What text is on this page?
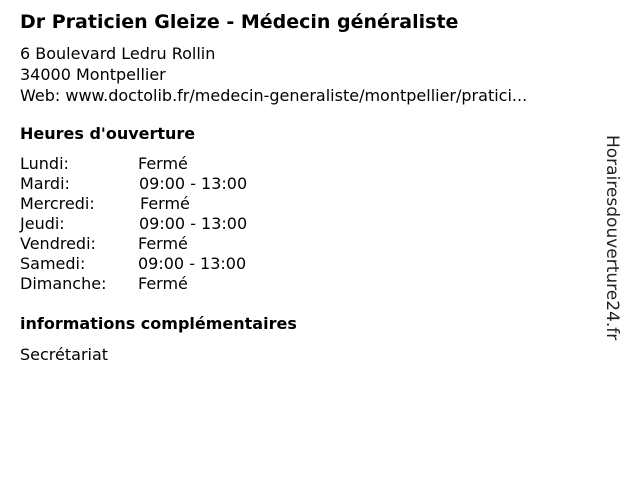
Dr Praticien Gleize - Médecin généraliste
6 Boulevard Ledru Rollin
34000 Montpellier
Web: www.doctolib.fr/medecin-generaliste/montpellier/pratici...
Heures d'ouverture
Lundi:	Fermé
Mardi:	09:00 - 13:00
Mercredi:	Fermé
Jeudi:	09:00 - 13:00
Vendredi:	Fermé
Samedi:	09:00 - 13:00
Dimanche: Fermé
informations complémentaires
Secrétariat
Horairesdouverture24.fr
